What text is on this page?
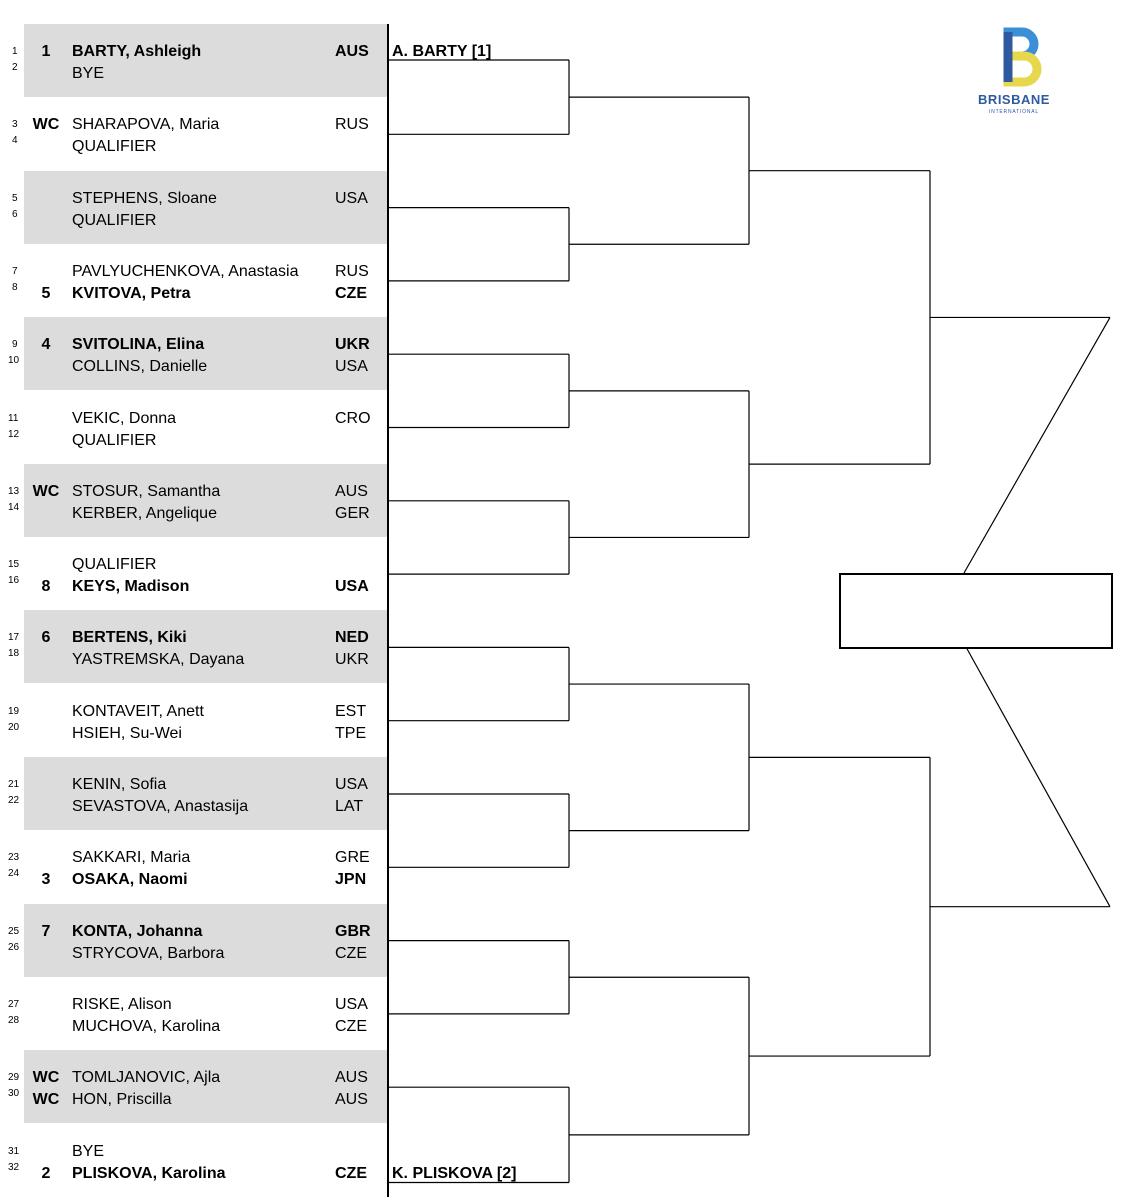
1	1	BARTY, Ashleigh	AUS
2	BYE
3 WC SHARAPOVA, Maria	RUS
4	QUALIFIER
5	STEPHENS, Sloane	USA
6	QUALIFIER
7	PAVLYUCHENKOVA, Anastasia RUS
8	5	KVITOVA, Petra	CZE
9	4	SVITOLINA, Elina	UKR
10	COLLINS, Danielle	USA
11	VEKIC, Donna	CRO
12	QUALIFIER
13 WC STOSUR, Samantha	AUS
14	KERBER, Angelique	GER
15	QUALIFIER
16	8	KEYS, Madison	USA
17	6	BERTENS, Kiki	NED
18	YASTREMSKA, Dayana	UKR
19	KONTAVEIT, Anett	EST
20	HSIEH, Su-Wei	TPE
21	KENIN, Sofia	USA
22	SEVASTOVA, Anastasija	LAT
23	SAKKARI, Maria	GRE
24	3	OSAKA, Naomi	JPN
25	7	KONTA, Johanna	GBR
26	STRYCOVA, Barbora	CZE
27	RISKE, Alison	USA
28	MUCHOVA, Karolina	CZE
29 WC TOMLJANOVIC, Ajla	AUS
30 WC HON, Priscilla	AUS
31	BYE
32	2	PLISKOVA, Karolina	CZE
A. BARTY [1]
K. PLISKOVA [2]
BRISBANE
INTERNATIONAL
